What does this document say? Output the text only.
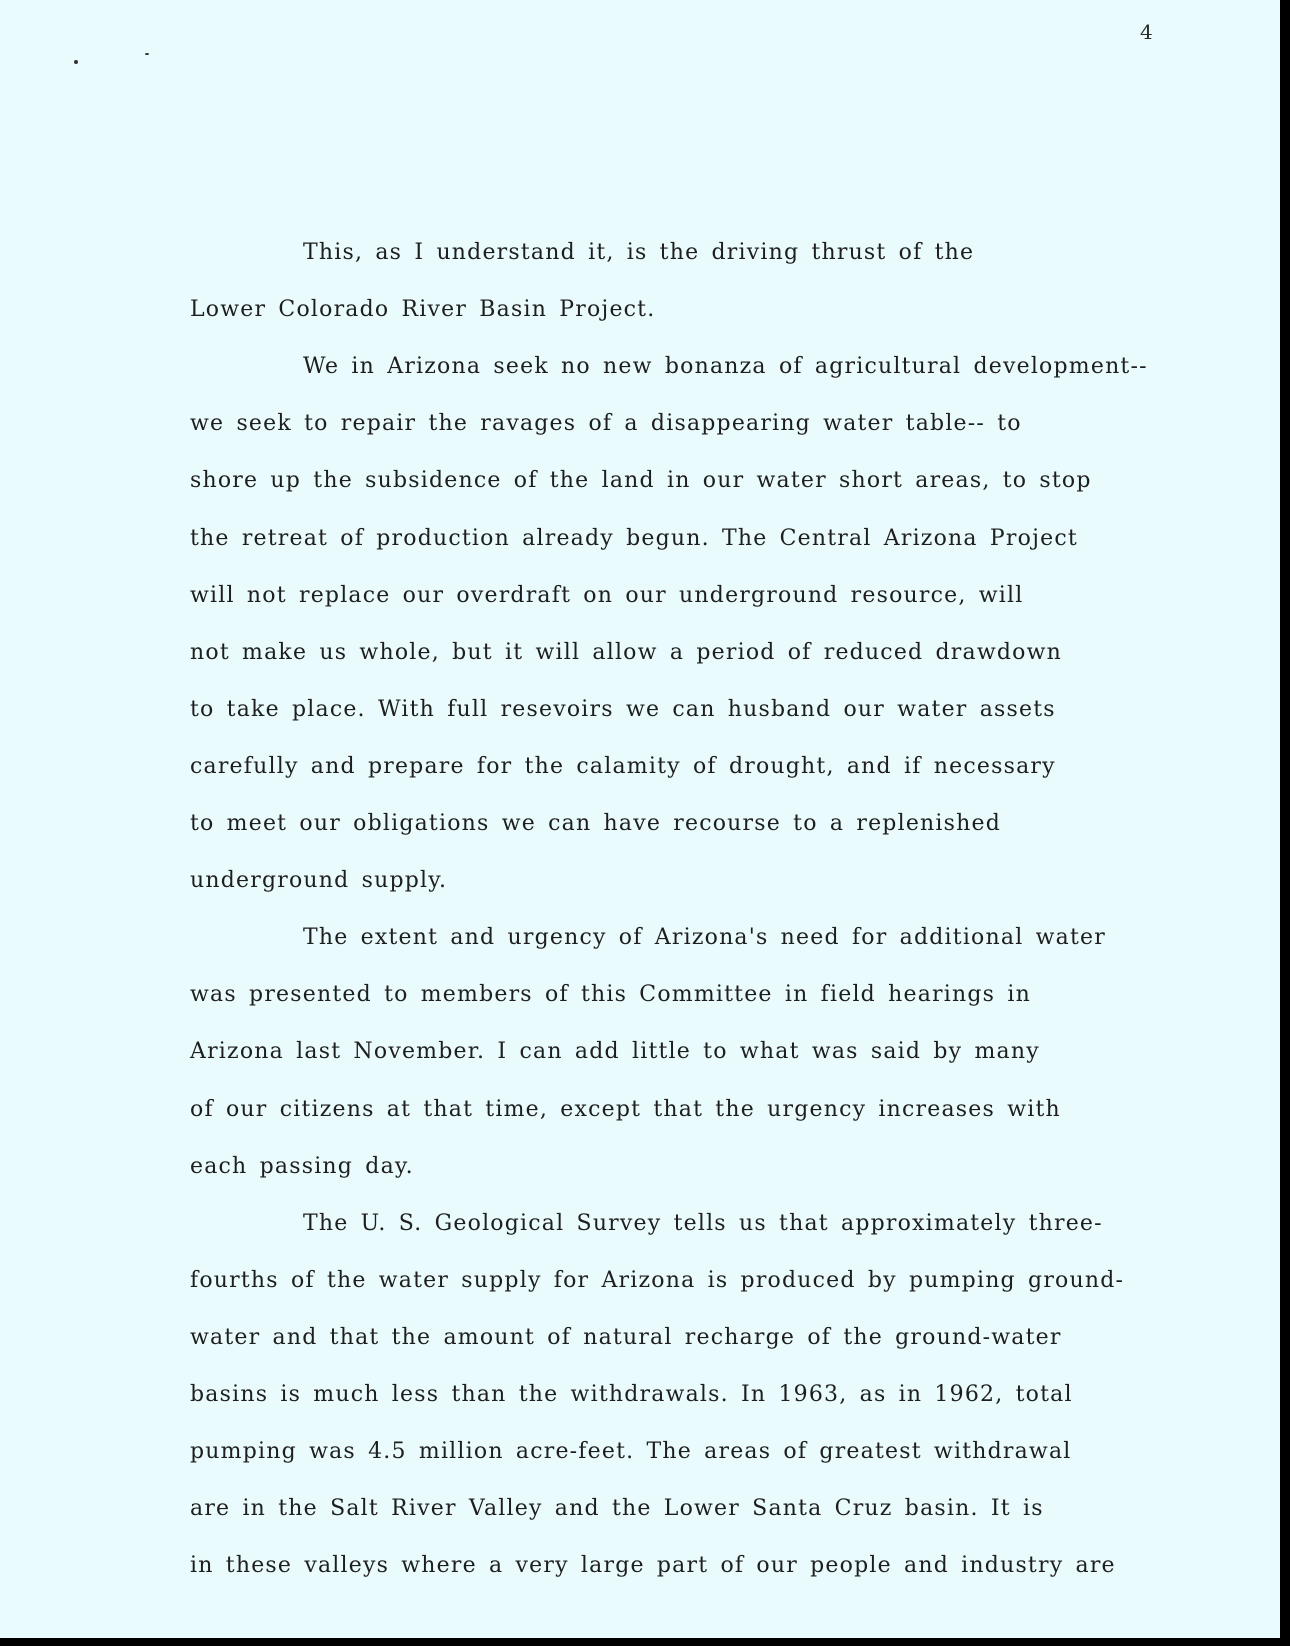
4
This, as I understand it, is the driving thrust of the
Lower Colorado River Basin Project.
We in Arizona seek no new bonanza of agricultural development--
we seek to repair the ravages of a disappearing water table-- to
shore up the subsidence of the land in our water short areas, to stop
the retreat of production already begun. The Central Arizona Project
will not replace our overdraft on our underground resource, will
not make us whole, but it will allow a period of reduced drawdown
to take place. With full resevoirs we can husband our water assets
carefully and prepare for the calamity of drought, and if necessary
to meet our obligations we can have recourse to a replenished
underground supply.
The extent and urgency of Arizona's need for additional water
was presented to members of this Committee in field hearings in
Arizona last November. I can add little to what was said by many
of our citizens at that time, except that the urgency increases with
each passing day.
The U. S. Geological Survey tells us that approximately three-
fourths of the water supply for Arizona is produced by pumping ground-
water and that the amount of natural recharge of the ground-water
basins is much less than the withdrawals. In 1963, as in 1962, total
pumping was 4.5 million acre-feet. The areas of greatest withdrawal
are in the Salt River Valley and the Lower Santa Cruz basin. It is
in these valleys where a very large part of our people and industry are
